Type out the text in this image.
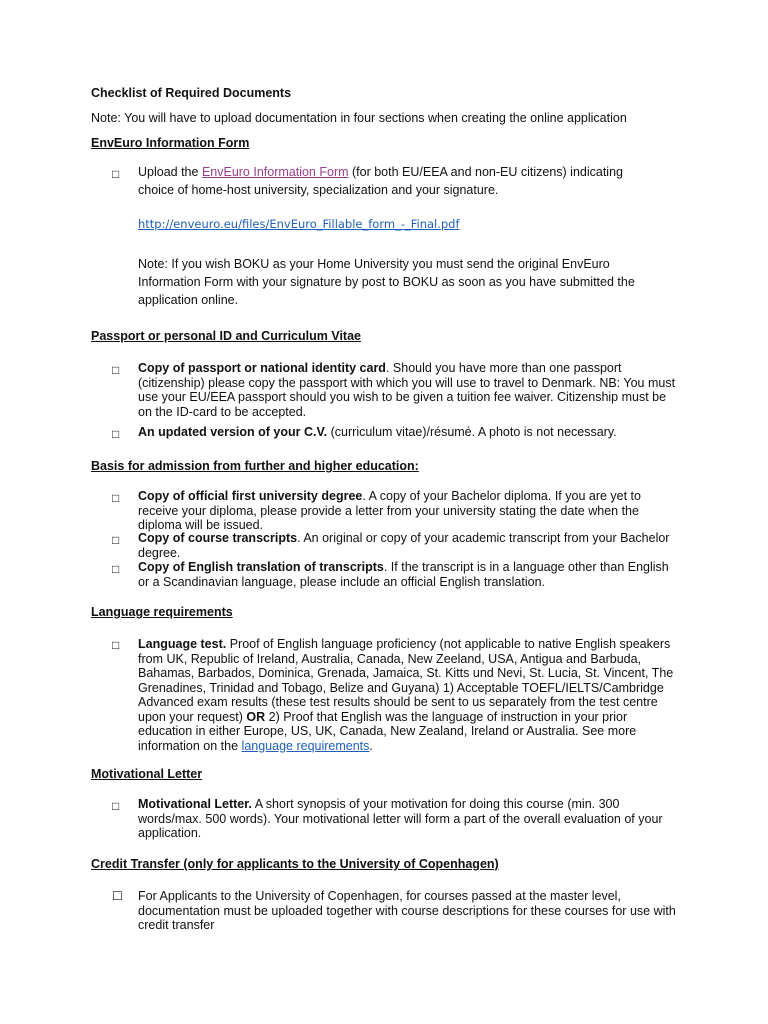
Checklist of Required Documents
Note: You will have to upload documentation in four sections when creating the online application
EnvEuro Information Form
□ Upload the EnvEuro Information Form (for both EU/EEA and non-EU citizens) indicating choice of home-host university, specialization and your signature.
http://enveuro.eu/files/EnvEuro_Fillable_form_-_Final.pdf
Note: If you wish BOKU as your Home University you must send the original EnvEuro Information Form with your signature by post to BOKU as soon as you have submitted the application online.
Passport or personal ID and Curriculum Vitae
□ Copy of passport or national identity card. Should you have more than one passport (citizenship) please copy the passport with which you will use to travel to Denmark. NB: You must use your EU/EEA passport should you wish to be given a tuition fee waiver. Citizenship must be on the ID-card to be accepted.
□ An updated version of your C.V. (curriculum vitae)/résumé. A photo is not necessary.
Basis for admission from further and higher education:
□ Copy of official first university degree. A copy of your Bachelor diploma. If you are yet to receive your diploma, please provide a letter from your university stating the date when the diploma will be issued.
□ Copy of course transcripts. An original or copy of your academic transcript from your Bachelor degree.
□ Copy of English translation of transcripts. If the transcript is in a language other than English or a Scandinavian language, please include an official English translation.
Language requirements
□ Language test. Proof of English language proficiency (not applicable to native English speakers from UK, Republic of Ireland, Australia, Canada, New Zeeland, USA, Antigua and Barbuda, Bahamas, Barbados, Dominica, Grenada, Jamaica, St. Kitts und Nevi, St. Lucia, St. Vincent, The Grenadines, Trinidad and Tobago, Belize and Guyana) 1) Acceptable TOEFL/IELTS/Cambridge Advanced exam results (these test results should be sent to us separately from the test centre upon your request) OR 2) Proof that English was the language of instruction in your prior education in either Europe, US, UK, Canada, New Zealand, Ireland or Australia. See more information on the language requirements.
Motivational Letter
□ Motivational Letter. A short synopsis of your motivation for doing this course (min. 300 words/max. 500 words). Your motivational letter will form a part of the overall evaluation of your application.
Credit Transfer (only for applicants to the University of Copenhagen)
☐ For Applicants to the University of Copenhagen, for courses passed at the master level, documentation must be uploaded together with course descriptions for these courses for use with credit transfer
